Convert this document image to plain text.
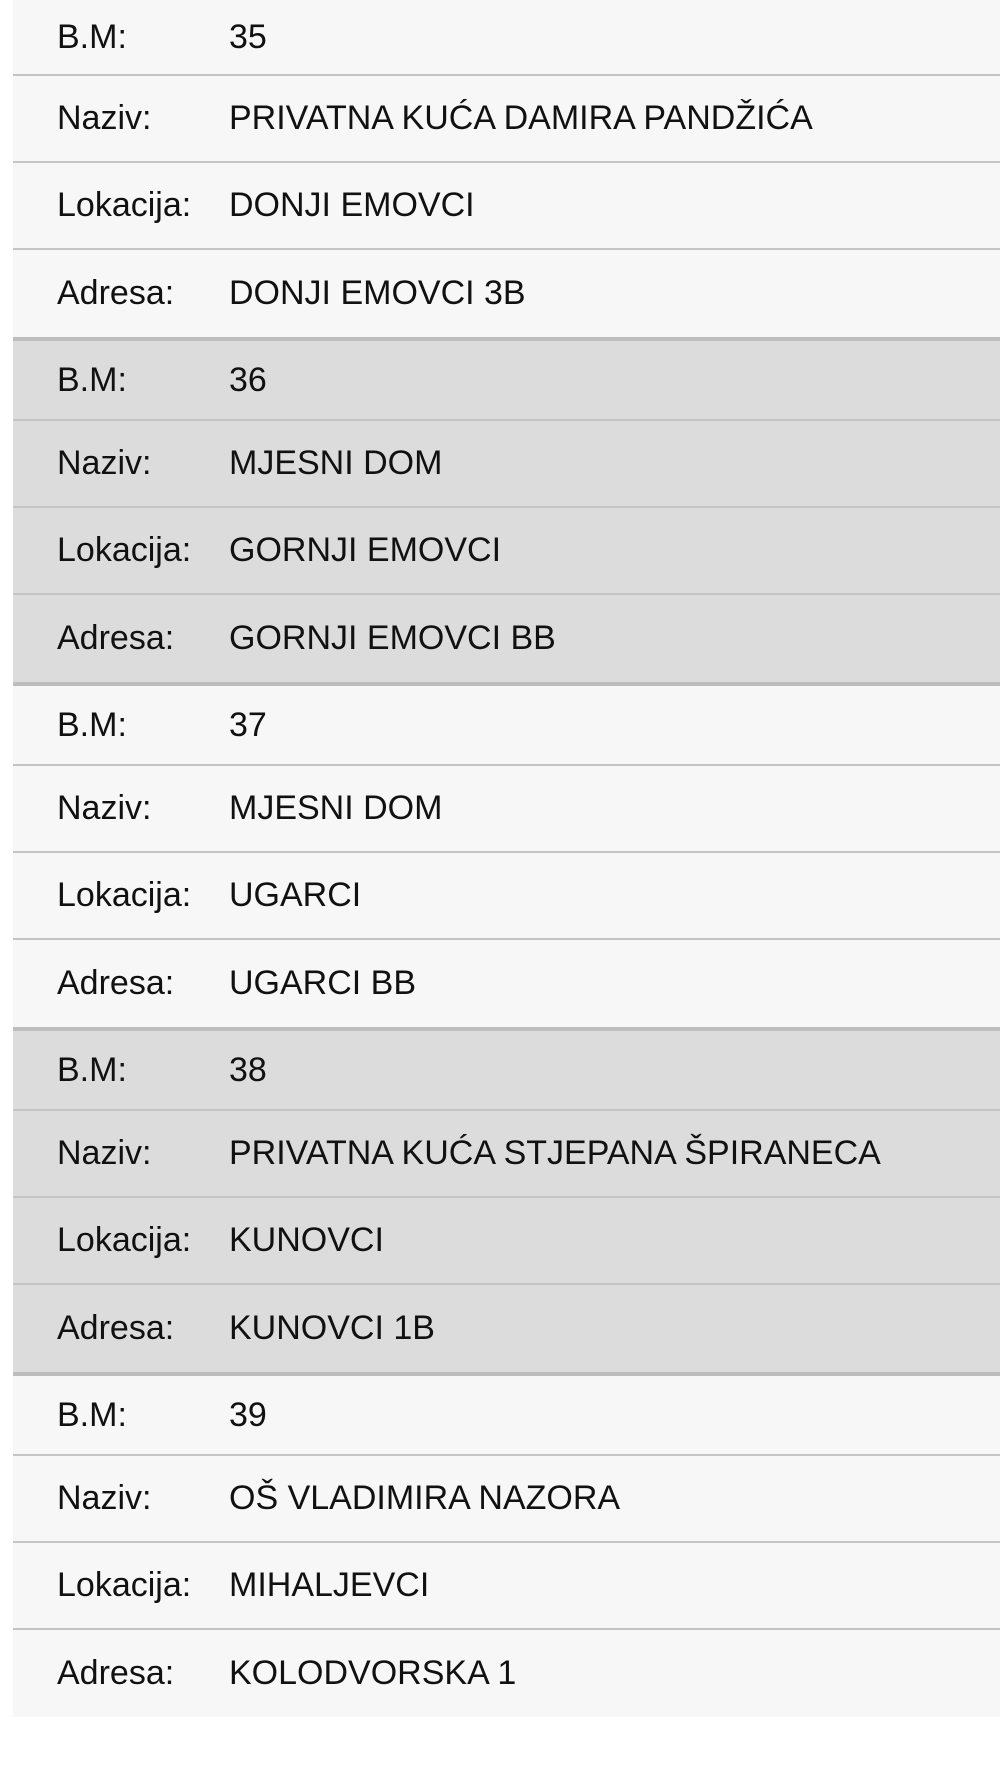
B.M:	35
Naziv:	PRIVATNA KUĆA DAMIRA PANDŽIĆA
Lokacija:	DONJI EMOVCI
Adresa:	DONJI EMOVCI 3B
B.M:	36
Naziv:	MJESNI DOM
Lokacija:	GORNJI EMOVCI
Adresa:	GORNJI EMOVCI BB
B.M:	37
Naziv:	MJESNI DOM
Lokacija:	UGARCI
Adresa:	UGARCI BB
B.M:	38
Naziv:	PRIVATNA KUĆA STJEPANA ŠPIRANECA
Lokacija:	KUNOVCI
Adresa:	KUNOVCI 1B
B.M:	39
Naziv:	OŠ VLADIMIRA NAZORA
Lokacija:	MIHALJEVCI
Adresa:	KOLODVORSKA 1
